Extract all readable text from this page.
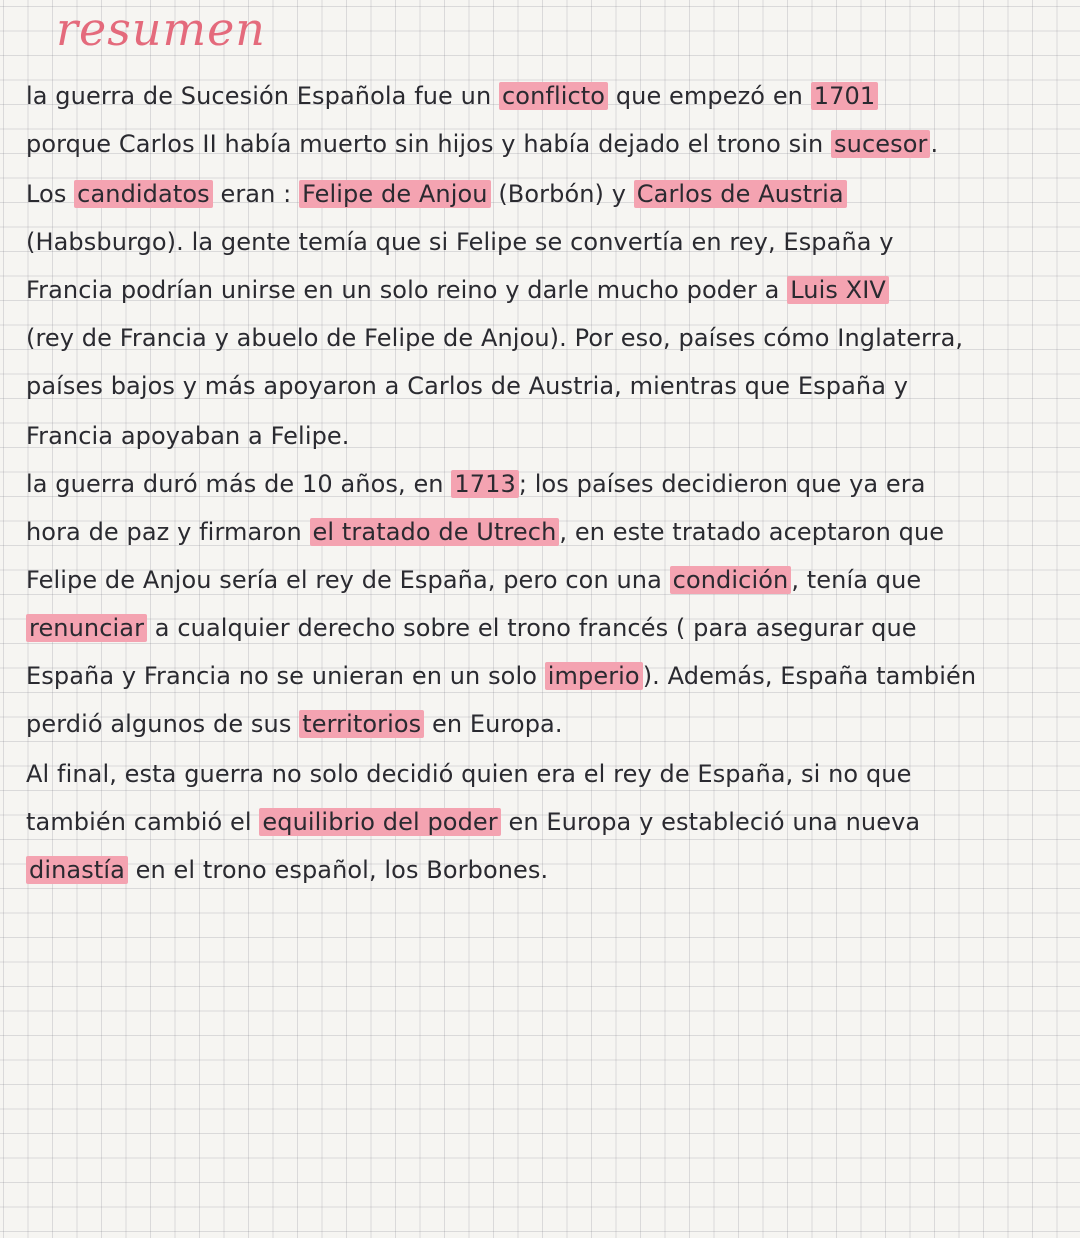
resumen
la guerra de Sucesión Española fue un conflicto que empezó en 1701
porque Carlos II había muerto sin hijos y había dejado el trono sin sucesor .
Los candidatos eran : Felipe de Anjou (Borbón) y Carlos de Austria
(Habsburgo). la gente temía que si Felipe se convertía en rey, España y
Francia podrían unirse en un solo reino y darle mucho poder a Luis XIV
(rey de Francia y abuelo de Felipe de Anjou). Por eso, países cómo Inglaterra,
países bajos y más apoyaron a Carlos de Austria, mientras que España y
Francia apoyaban a Felipe.
la guerra duró más de 10 años, en 1713 ; los países decidieron que ya era
hora de paz y firmaron el tratado de Utrech , en este tratado aceptaron que
Felipe de Anjou sería el rey de España, pero con una condición , tenía que
renunciar a cualquier derecho sobre el trono francés ( para asegurar que
España y Francia no se unieran en un solo imperio ). Además, España también
perdió algunos de sus territorios en Europa.
Al final, esta guerra no solo decidió quien era el rey de España, si no que
también cambió el equilibrio del poder en Europa y estableció una nueva
dinastía en el trono español, los Borbones.
